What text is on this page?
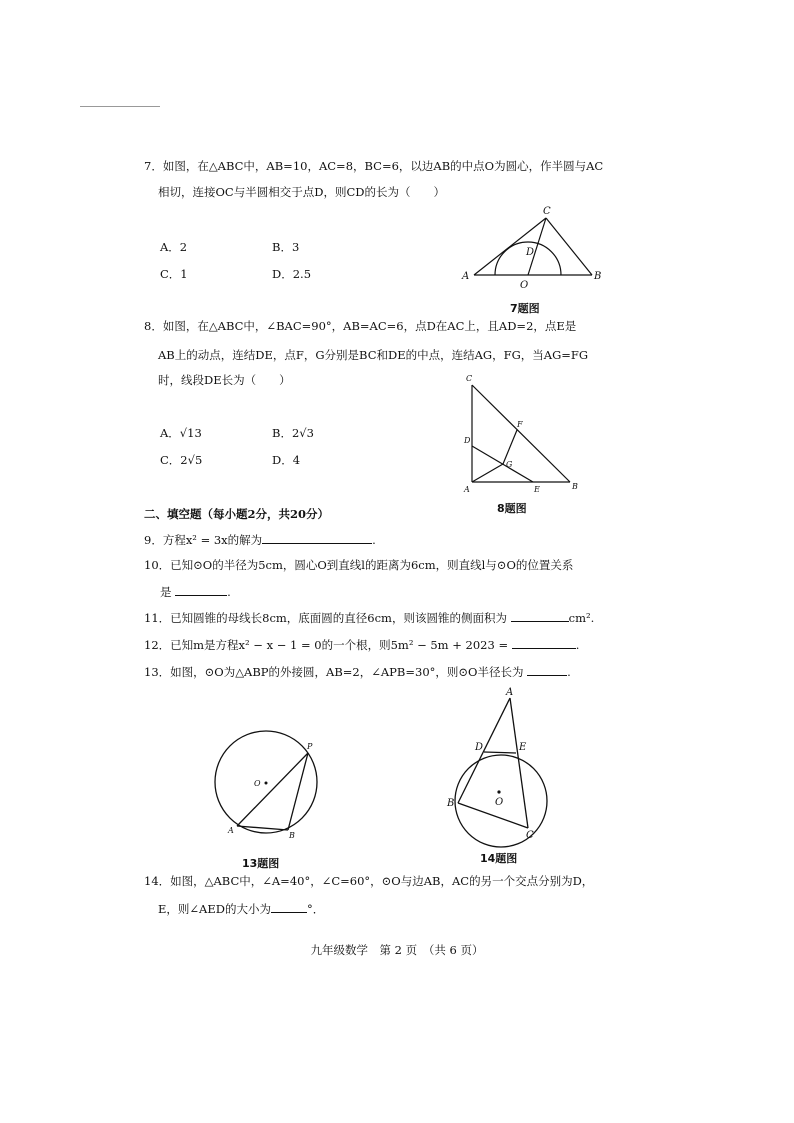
7．如图，在△ABC中，AB=10，AC=8，BC=6，以边AB的中点O为圆心，作半圆与AC
相切，连接OC与半圆相交于点D，则CD的长为（　　）
A．2	B．3
C．1	D．2.5
C
A	B
D
O
7题图
8．如图，在△ABC中，∠BAC=90°，AB=AC=6，点D在AC上，且AD=2，点E是
AB上的动点，连结DE，点F，G分别是BC和DE的中点，连结AG，FG，当AG=FG
时，线段DE长为（　　）
A．√13	B．2√3
C．2√5	D．4
C
D
F
G
A	E	B
8题图
二、填空题（每小题2分，共20分）
9．方程x² = 3x的解为	.
10．已知⊙O的半径为5cm，圆心O到直线l的距离为6cm，则直线l与⊙O的位置关系
是	.
11．已知圆锥的母线长8cm，底面圆的直径6cm，则该圆锥的侧面积为	cm².
12．已知m是方程x² − x − 1 = 0的一个根，则5m² − 5m + 2023 =	.
13．如图，⊙O为△ABP的外接圆，AB=2，∠APB=30°，则⊙O半径长为	.
O
P
A
B
13题图
A
D	E
B	O
C
14题图
14．如图，△ABC中，∠A=40°，∠C=60°，⊙O与边AB，AC的另一个交点分别为D，
E，则∠AED的大小为	°．
九年级数学　第 2 页　（共 6 页）
